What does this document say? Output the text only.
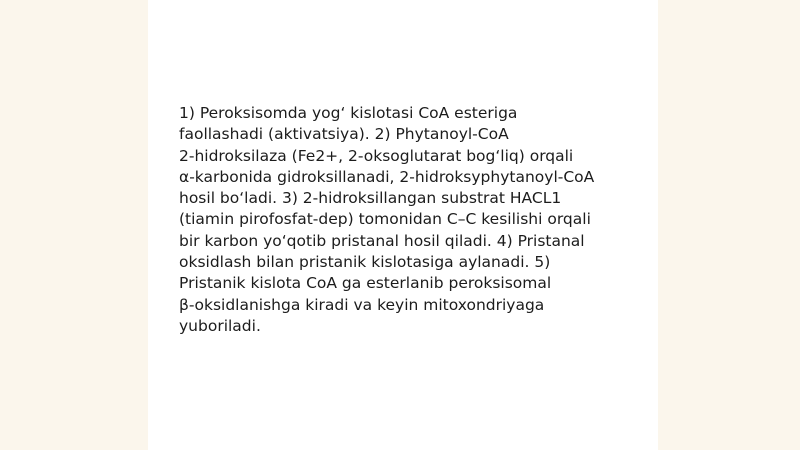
1) Peroksisomda yog‘ kislotasi CoA esteriga
faollashadi (aktivatsiya). 2) Phytanoyl-CoA
2-hidroksilaza (Fe2+, 2-oksoglutarat bog‘liq) orqali
α-karbonida gidroksillanadi, 2-hidroksyphytanoyl-CoA
hosil bo‘ladi. 3) 2-hidroksillangan substrat HACL1
(tiamin pirofosfat-dep) tomonidan C–C kesilishi orqali
bir karbon yo‘qotib pristanal hosil qiladi. 4) Pristanal
oksidlash bilan pristanik kislotasiga aylanadi. 5)
Pristanik kislota CoA ga esterlanib peroksisomal
β-oksidlanishga kiradi va keyin mitoxondriyaga
yuboriladi.
